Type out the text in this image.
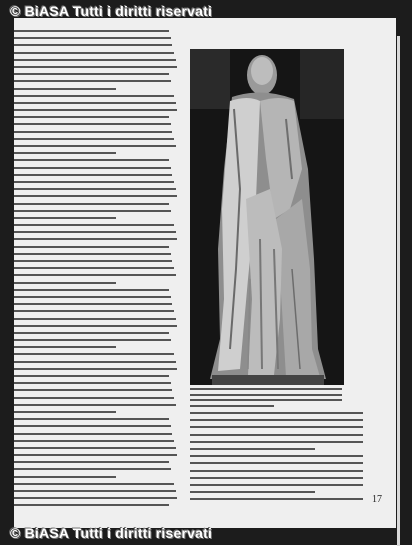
© BiASA Tutti i diritti riservati
17
© BiASA Tutti i diritti riservati
